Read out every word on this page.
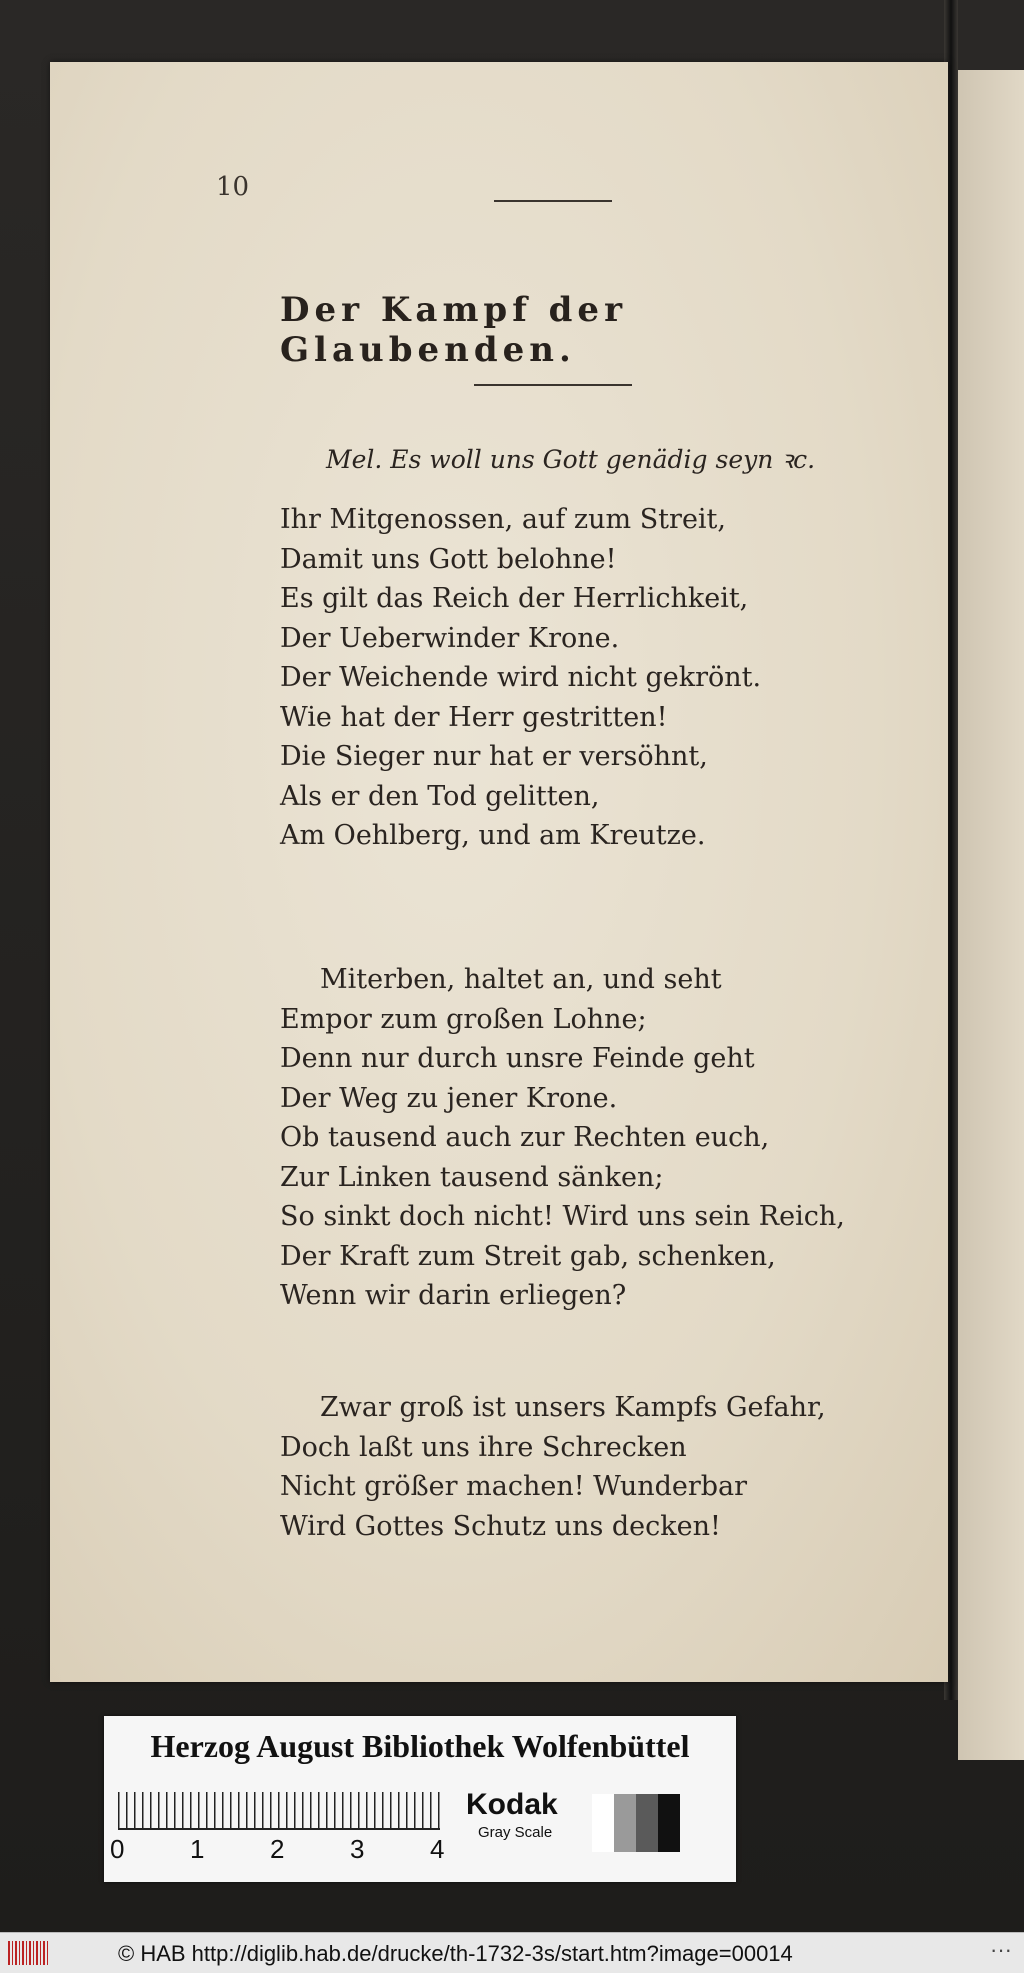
10
Der Kampf der Glaubenden.
Mel. Es woll uns Gott genädig seyn ꝛc.
Ihr Mitgenossen, auf zum Streit,
Damit uns Gott belohne!
Es gilt das Reich der Herrlichkeit,
Der Ueberwinder Krone.
Der Weichende wird nicht gekrönt.
Wie hat der Herr gestritten!
Die Sieger nur hat er versöhnt,
Als er den Tod gelitten,
Am Oehlberg, und am Kreutze.
Miterben, haltet an, und seht
Empor zum großen Lohne;
Denn nur durch unsre Feinde geht
Der Weg zu jener Krone.
Ob tausend auch zur Rechten euch,
Zur Linken tausend sänken;
So sinkt doch nicht! Wird uns sein Reich,
Der Kraft zum Streit gab, schenken,
Wenn wir darin erliegen?
Zwar groß ist unsers Kampfs Gefahr,
Doch laßt uns ihre Schrecken
Nicht größer machen! Wunderbar
Wird Gottes Schutz uns decken!
Herzog August Bibliothek Wolfenbüttel
0	1	2	3	4
Kodak
Gray Scale
© HAB http://diglib.hab.de/drucke/th-1732-3s/start.htm?image=00014	···
